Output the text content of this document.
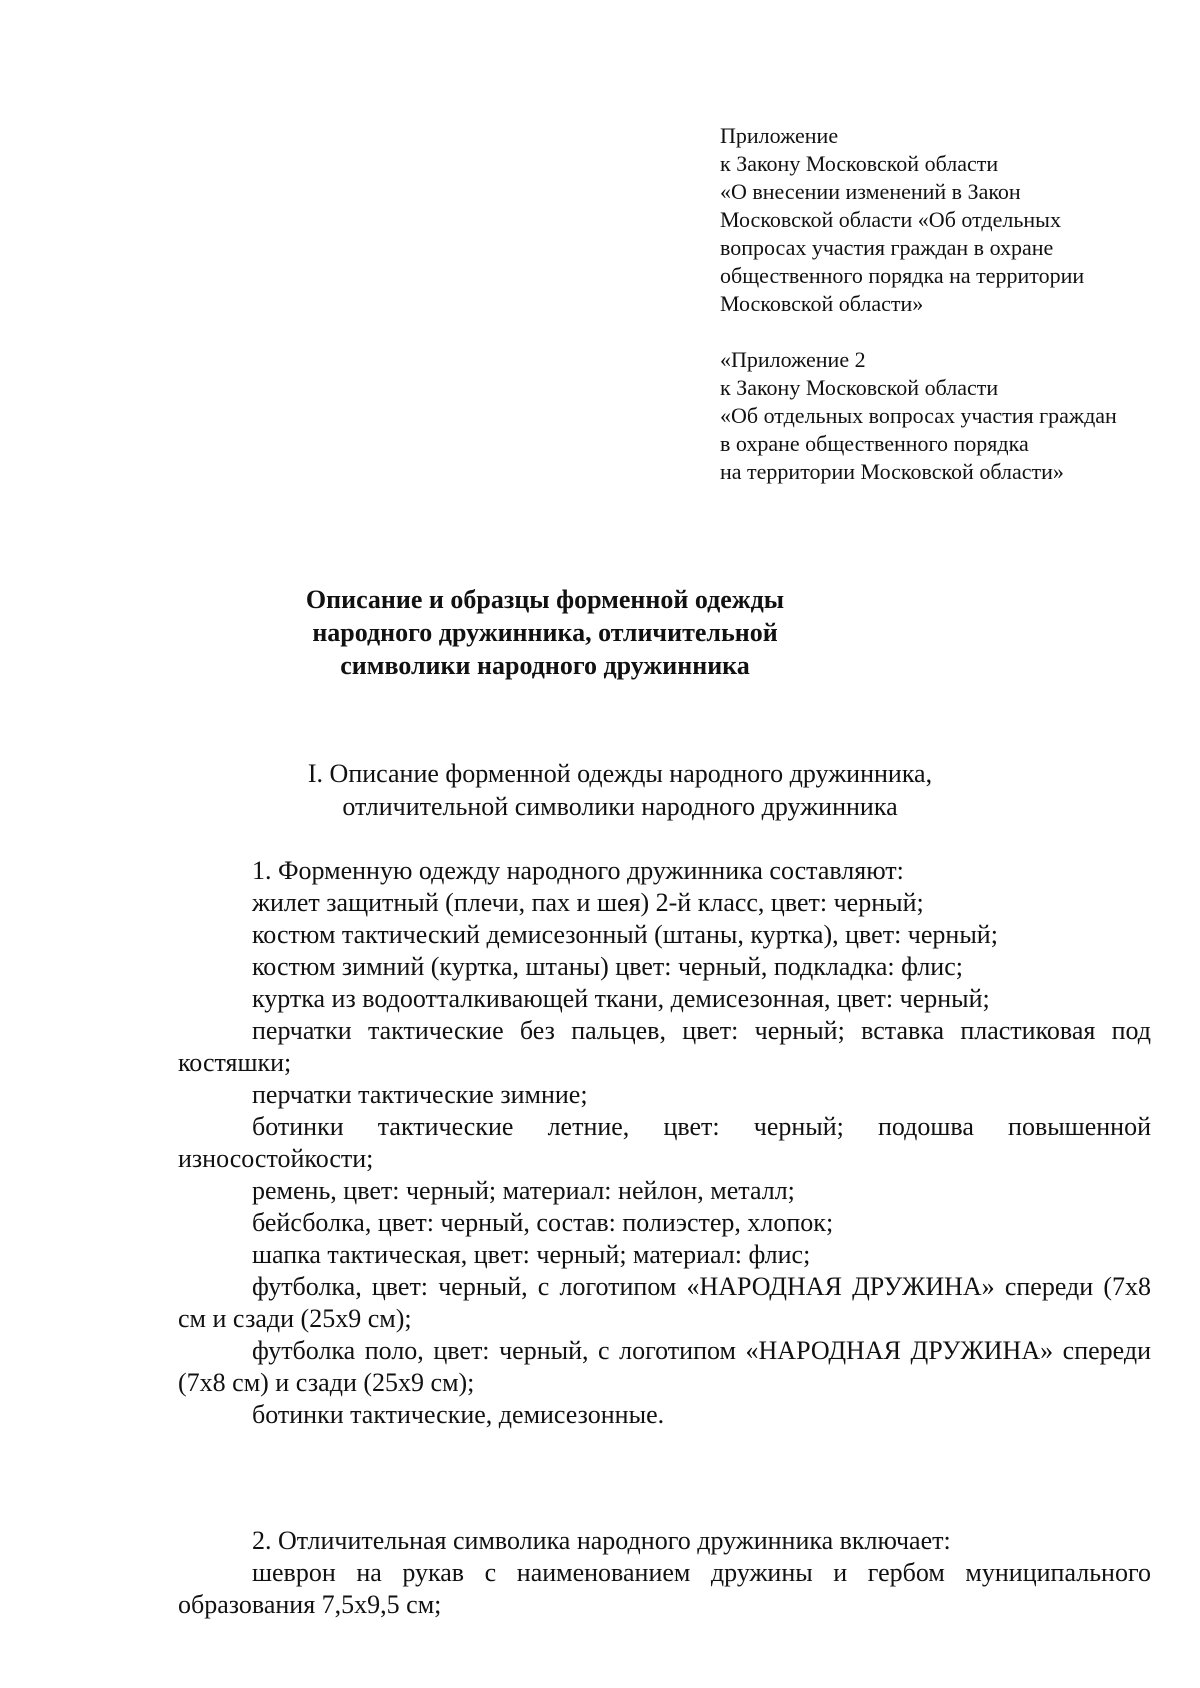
Приложение
к Закону Московской области
«О внесении изменений в Закон
Московской области «Об отдельных
вопросах участия граждан в охране
общественного порядка на территории
Московской области»
«Приложение 2
к Закону Московской области
«Об отдельных вопросах участия граждан
в охране общественного порядка
на территории Московской области»
Описание и образцы форменной одежды
народного дружинника, отличительной
символики народного дружинника
I. Описание форменной одежды народного дружинника,
отличительной символики народного дружинника

1. Форменную одежду народного дружинника составляют:

жилет защитный (плечи, пах и шея) 2-й класс, цвет: черный;

костюм тактический демисезонный (штаны, куртка), цвет: черный;

костюм зимний (куртка, штаны) цвет: черный, подкладка: флис;

куртка из водоотталкивающей ткани, демисезонная, цвет: черный;

перчатки тактические без пальцев, цвет: черный; вставка пластиковая под костяшки;

перчатки тактические зимние;

ботинки тактические летние, цвет: черный; подошва повышенной износостойкости;

ремень, цвет: черный; материал: нейлон, металл;

бейсболка, цвет: черный, состав: полиэстер, хлопок;

шапка тактическая, цвет: черный; материал: флис;

футболка, цвет: черный, с логотипом «НАРОДНАЯ ДРУЖИНА» спереди (7х8 см и сзади (25х9 см);

футболка поло, цвет: черный, с логотипом «НАРОДНАЯ ДРУЖИНА» спереди (7х8 см) и сзади (25х9 см);

ботинки тактические, демисезонные.

2. Отличительная символика народного дружинника включает:

шеврон на рукав с наименованием дружины и гербом муниципального образования 7,5х9,5 см;
